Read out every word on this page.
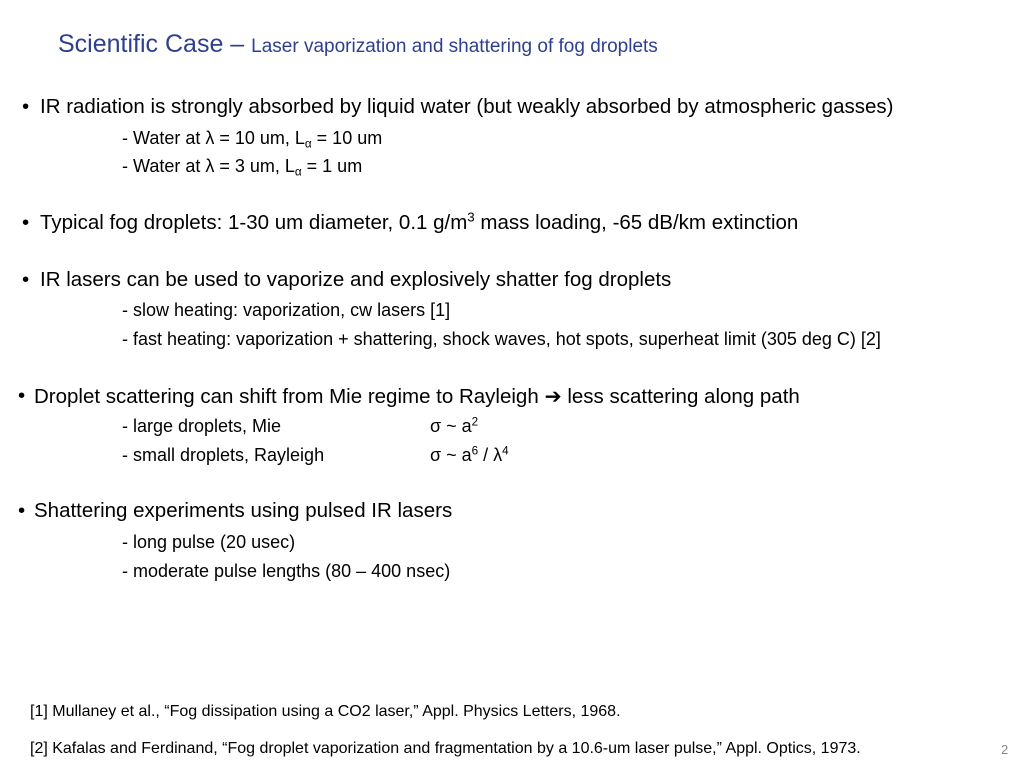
Scientific Case – Laser vaporization and shattering of fog droplets
• IR radiation is strongly absorbed by liquid water (but weakly absorbed by atmospheric gasses)
- Water at λ = 10 um, $L_\alpha = 10$ um
- Water at λ = 3 um, $L_\alpha = 1$ um
• Typical fog droplets: 1-30 um diameter, 0.1 $g/m^3$ mass loading, -65 dB/km extinction
• IR lasers can be used to vaporize and explosively shatter fog droplets
- slow heating: vaporization, cw lasers [1]
- fast heating: vaporization + shattering, shock waves, hot spots, superheat limit (305 deg C) [2]
• Droplet scattering can shift from Mie regime to Rayleigh ➔ less scattering along path
- large droplets, Mie	σ ~ $a^2$
- small droplets, Rayleigh	σ ~ $a^6 / \lambda^4$
• Shattering experiments using pulsed IR lasers
- long pulse (20 usec)
- moderate pulse lengths (80 – 400 nsec)
[1] Mullaney et al., “Fog dissipation using a CO2 laser,” Appl. Physics Letters, 1968.
[2] Kafalas and Ferdinand, “Fog droplet vaporization and fragmentation by a 10.6-um laser pulse,” Appl. Optics, 1973.	2
